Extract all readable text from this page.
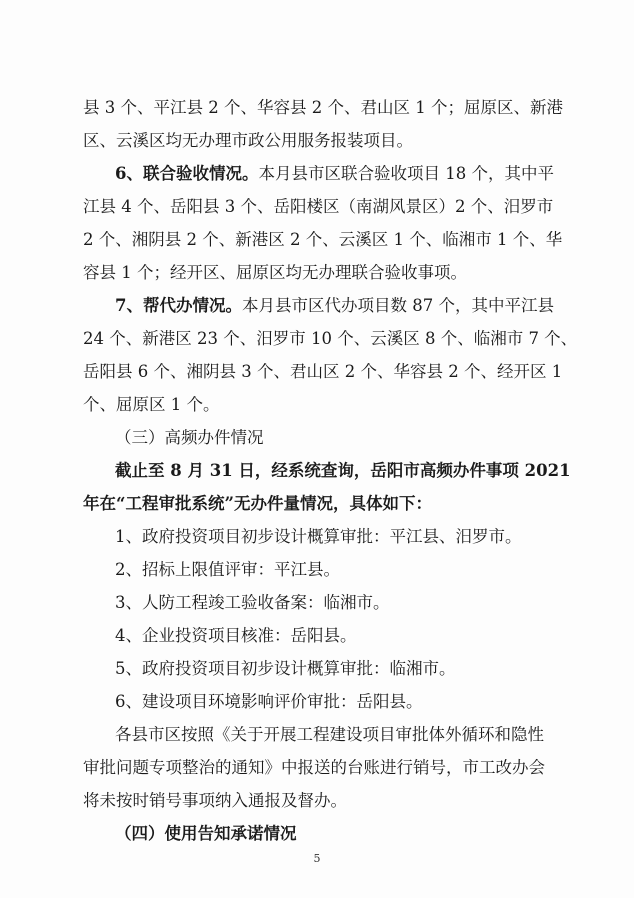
县 3 个、平江县 2 个、华容县 2 个、君山区 1 个；屈原区、新港
区、云溪区均无办理市政公用服务报装项目。
6、联合验收情况。本月县市区联合验收项目 18 个，其中平
江县 4 个、岳阳县 3 个、岳阳楼区（南湖风景区）2 个、汨罗市
2 个、湘阴县 2 个、新港区 2 个、云溪区 1 个、临湘市 1 个、华
容县 1 个；经开区、屈原区均无办理联合验收事项。
7、帮代办情况。本月县市区代办项目数 87 个，其中平江县
24 个、新港区 23 个、汨罗市 10 个、云溪区 8 个、临湘市 7 个、
岳阳县 6 个、湘阴县 3 个、君山区 2 个、华容县 2 个、经开区 1
个、屈原区 1 个。
（三）高频办件情况
截止至 8 月 31 日，经系统查询，岳阳市高频办件事项 2021
年在“工程审批系统”无办件量情况，具体如下：
1、政府投资项目初步设计概算审批：平江县、汨罗市。
2、招标上限值评审：平江县。
3、人防工程竣工验收备案：临湘市。
4、企业投资项目核准：岳阳县。
5、政府投资项目初步设计概算审批：临湘市。
6、建设项目环境影响评价审批：岳阳县。
各县市区按照《关于开展工程建设项目审批体外循环和隐性
审批问题专项整治的通知》中报送的台账进行销号，市工改办会
将未按时销号事项纳入通报及督办。
（四）使用告知承诺情况
5
